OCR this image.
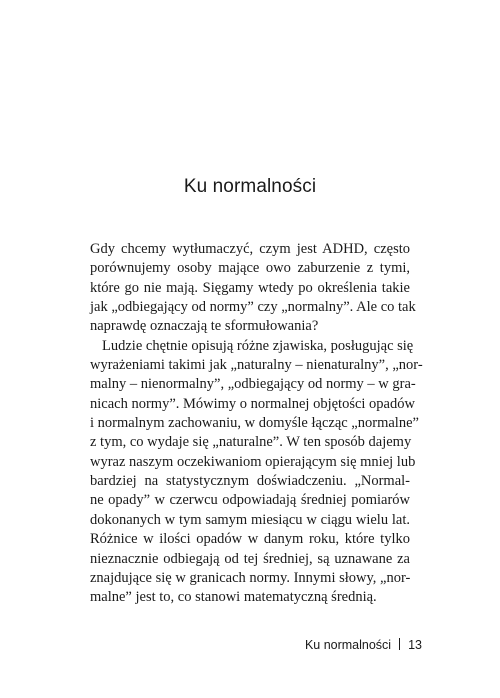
Ku normalności
Gdy chcemy wytłumaczyć, czym jest ADHD, często
porównujemy osoby mające owo zaburzenie z tymi,
które go nie mają. Sięgamy wtedy po określenia takie
jak „odbiegający od normy” czy „normalny”. Ale co tak
naprawdę oznaczają te sformułowania?
Ludzie chętnie opisują różne zjawiska, posługując się
wyrażeniami takimi jak „naturalny – nienaturalny”, „nor-
malny – nienormalny”, „odbiegający od normy – w gra-
nicach normy”. Mówimy o normalnej objętości opadów
i normalnym zachowaniu, w domyśle łącząc „normalne”
z tym, co wydaje się „naturalne”. W ten sposób dajemy
wyraz naszym oczekiwaniom opierającym się mniej lub
bardziej na statystycznym doświadczeniu. „Normal-
ne opady” w czerwcu odpowiadają średniej pomiarów
dokonanych w tym samym miesiącu w ciągu wielu lat.
Różnice w ilości opadów w danym roku, które tylko
nieznacznie odbiegają od tej średniej, są uznawane za
znajdujące się w granicach normy. Innymi słowy, „nor-
malne” jest to, co stanowi matematyczną średnią.
Ku normalności 13
